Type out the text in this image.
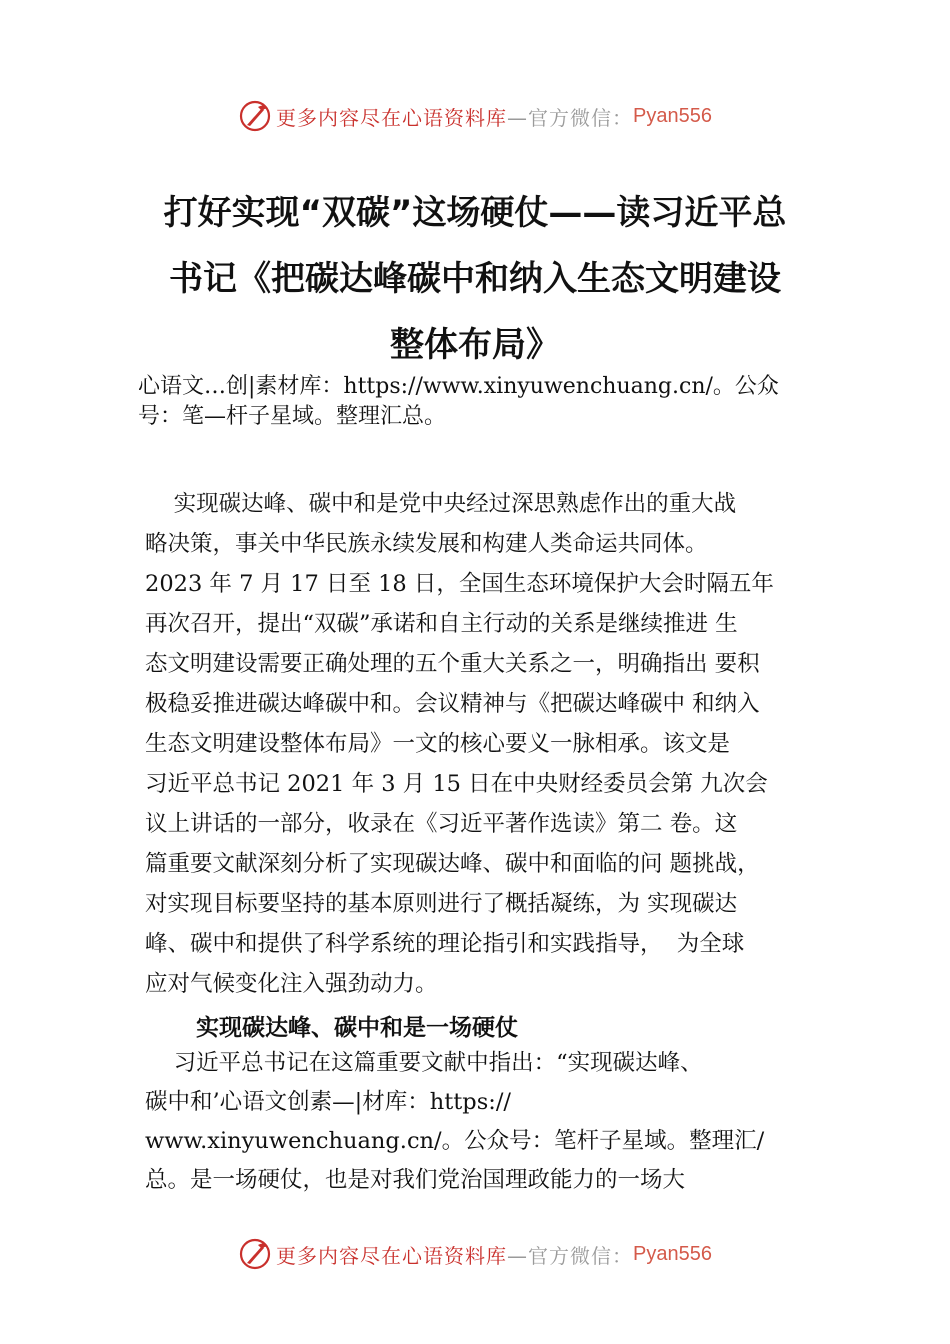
更多内容尽在心语资料库 —官方微信： Pyan556
打好实现“双碳”这场硬仗——读习近平总
书记《把碳达峰碳中和纳入生态文明建设
整体布局》
心语文…创|素材库：https://www.xinyuwenchuang.cn/。公众
号：笔—杆子星域。整理汇总。
实现碳达峰、碳中和是党中央经过深思熟虑作出的重大战
略决策，事关中华民族永续发展和构建人类命运共同体。
2023 年 7 月 17 日至 18 日，全国生态环境保护大会时隔五年
再次召开，提出“双碳”承诺和自主行动的关系是继续推进 生
态文明建设需要正确处理的五个重大关系之一，明确指出 要积
极稳妥推进碳达峰碳中和。会议精神与《把碳达峰碳中 和纳入
生态文明建设整体布局》一文的核心要义一脉相承。该文是
习近平总书记 2021 年 3 月 15 日在中央财经委员会第 九次会
议上讲话的一部分，收录在《习近平著作选读》第二 卷。这
篇重要文献深刻分析了实现碳达峰、碳中和面临的问 题挑战，
对实现目标要坚持的基本原则进行了概括凝练，为 实现碳达
峰、碳中和提供了科学系统的理论指引和实践指导，  为全球
应对气候变化注入强劲动力。
实现碳达峰、碳中和是一场硬仗
习近平总书记在这篇重要文献中指出：“实现碳达峰、
碳中和’心语文创素—|材库：https://
www.xinyuwenchuang.cn/。公众号：笔杆子星域。整理汇/
总。是一场硬仗，也是对我们党治国理政能力的一场大
更多内容尽在心语资料库 —官方微信： Pyan556
